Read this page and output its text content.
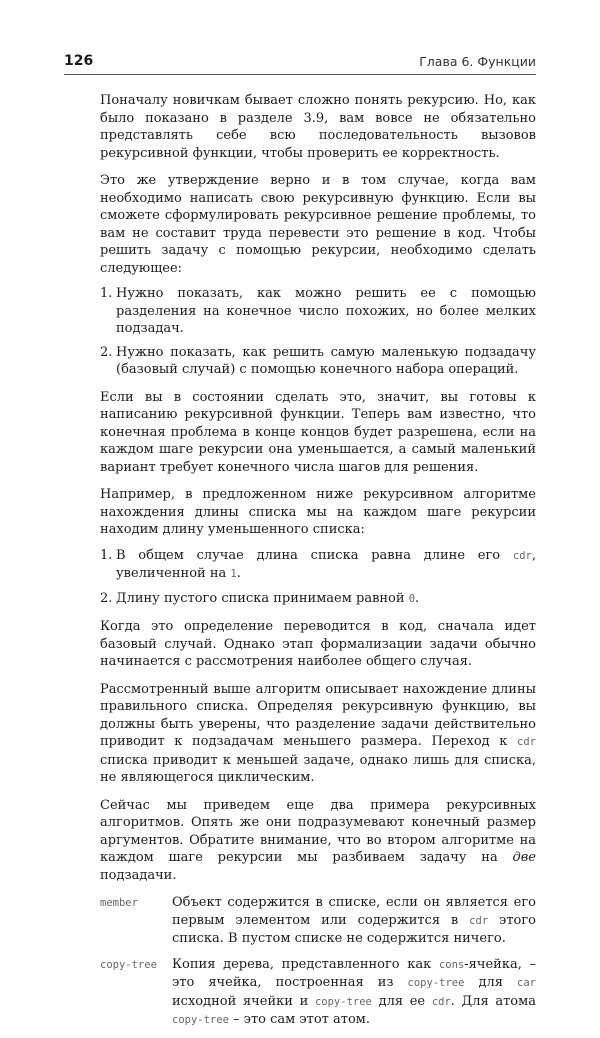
126	Глава 6. Функции

Поначалу новичкам бывает сложно понять рекурсию. Но, как было показано в разделе 3.9, вам вовсе не обязательно представлять себе всю последовательность вызовов рекурсивной функции, чтобы проверить ее корректность.

Это же утверждение верно и в том случае, когда вам необходимо написать свою рекурсивную функцию. Если вы сможете сформулировать рекурсивное решение проблемы, то вам не составит труда перевести это решение в код. Чтобы решить задачу с помощью рекурсии, необходимо сделать следующее:

1. Нужно показать, как можно решить ее с помощью разделения на конечное число похожих, но более мелких подзадач.
2. Нужно показать, как решить самую маленькую подзадачу (базовый случай) с помощью конечного набора операций.

Если вы в состоянии сделать это, значит, вы готовы к написанию рекурсивной функции. Теперь вам известно, что конечная проблема в конце концов будет разрешена, если на каждом шаге рекурсии она уменьшается, а самый маленький вариант требует конечного числа шагов для решения.

Например, в предложенном ниже рекурсивном алгоритме нахождения длины списка мы на каждом шаге рекурсии находим длину уменьшенного списка:

1. В общем случае длина списка равна длине его cdr, увеличенной на 1.
2. Длину пустого списка принимаем равной 0.

Когда это определение переводится в код, сначала идет базовый случай. Однако этап формализации задачи обычно начинается с рассмотрения наиболее общего случая.

Рассмотренный выше алгоритм описывает нахождение длины правильного списка. Определяя рекурсивную функцию, вы должны быть уверены, что разделение задачи действительно приводит к подзадачам меньшего размера. Переход к cdr списка приводит к меньшей задаче, однако лишь для списка, не являющегося циклическим.

Сейчас мы приведем еще два примера рекурсивных алгоритмов. Опять же они подразумевают конечный размер аргументов. Обратите внимание, что во втором алгоритме на каждом шаге рекурсии мы разбиваем задачу на две подзадачи.

member	Объект содержится в списке, если он является его первым элементом или содержится в cdr этого списка. В пустом списке не содержится ничего.
copy-tree	Копия дерева, представленного как cons-ячейка, – это ячейка, построенная из copy-tree для car исходной ячейки и copy-tree для ее cdr. Для атома copy-tree – это сам этот атом.
